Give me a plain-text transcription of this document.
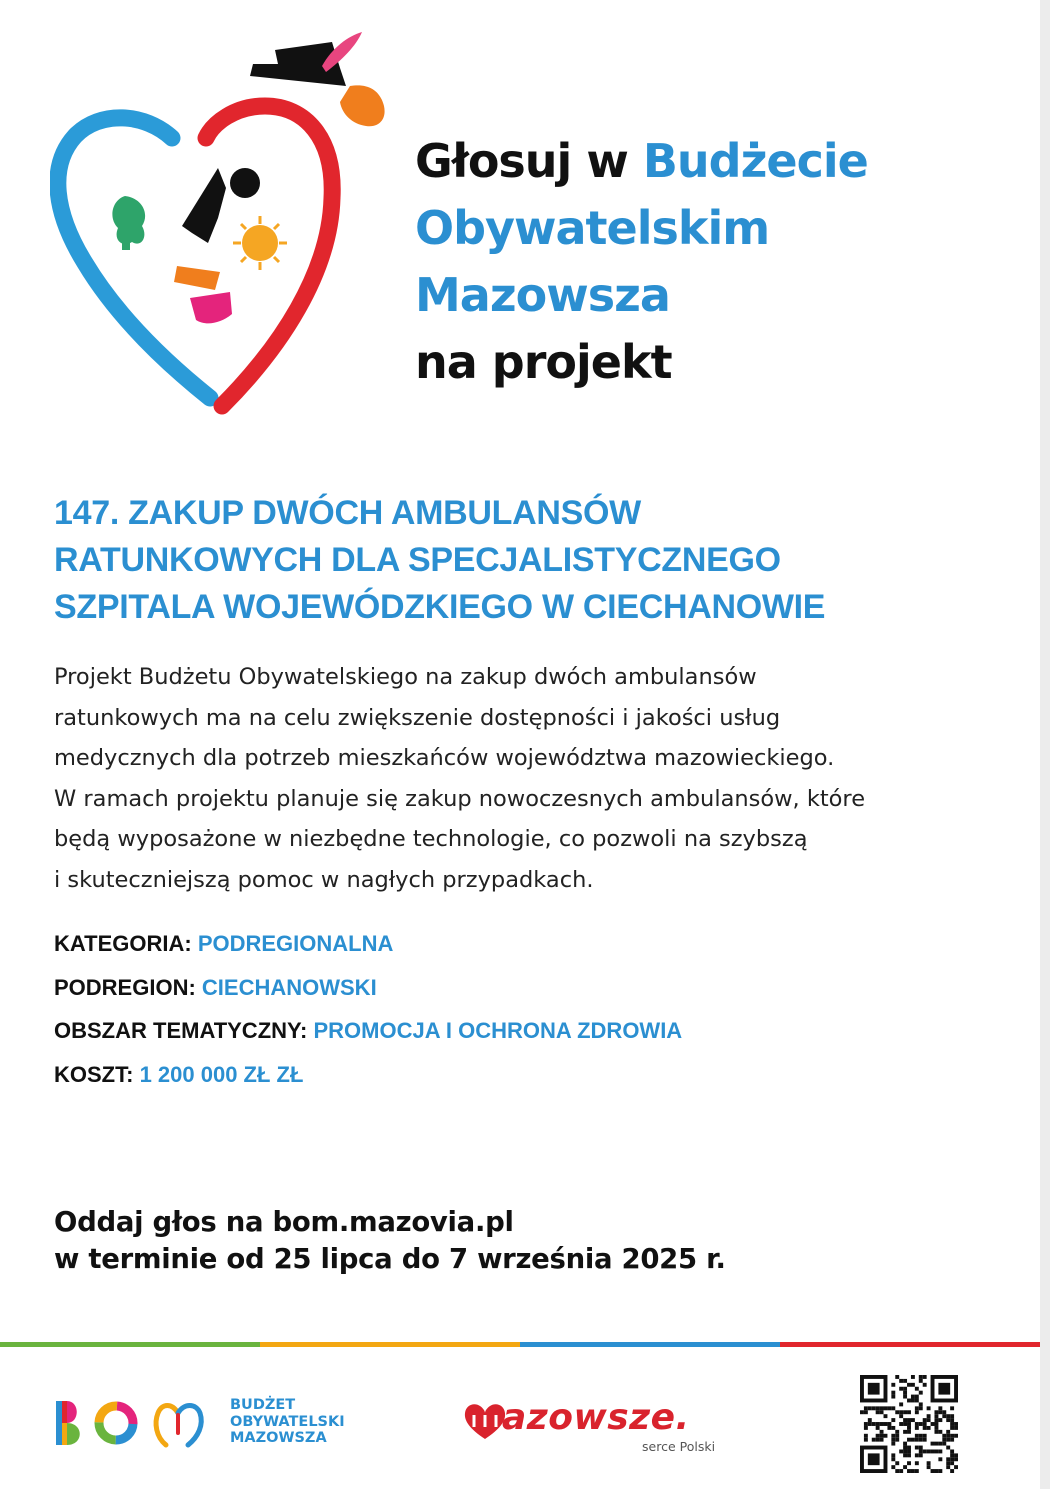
Głosuj w Budżecie
Obywatelskim
Mazowsza
na projekt
147. ZAKUP DWÓCH AMBULANSÓW
RATUNKOWYCH DLA SPECJALISTYCZNEGO
SZPITALA WOJEWÓDZKIEGO W CIECHANOWIE
Projekt Budżetu Obywatelskiego na zakup dwóch ambulansów
ratunkowych ma na celu zwiększenie dostępności i jakości usług
medycznych dla potrzeb mieszkańców województwa mazowieckiego.
W ramach projektu planuje się zakup nowoczesnych ambulansów, które
będą wyposażone w niezbędne technologie, co pozwoli na szybszą
i skuteczniejszą pomoc w nagłych przypadkach.
KATEGORIA: PODREGIONALNA
PODREGION: CIECHANOWSKI
OBSZAR TEMATYCZNY: PROMOCJA I OCHRONA ZDROWIA
KOSZT: 1 200 000 ZŁ ZŁ
Oddaj głos na bom.mazovia.pl
w terminie od 25 lipca do 7 września 2025 r.
BUDŻET
OBYWATELSKI
MAZOWSZA	azowsze.
serce Polski
